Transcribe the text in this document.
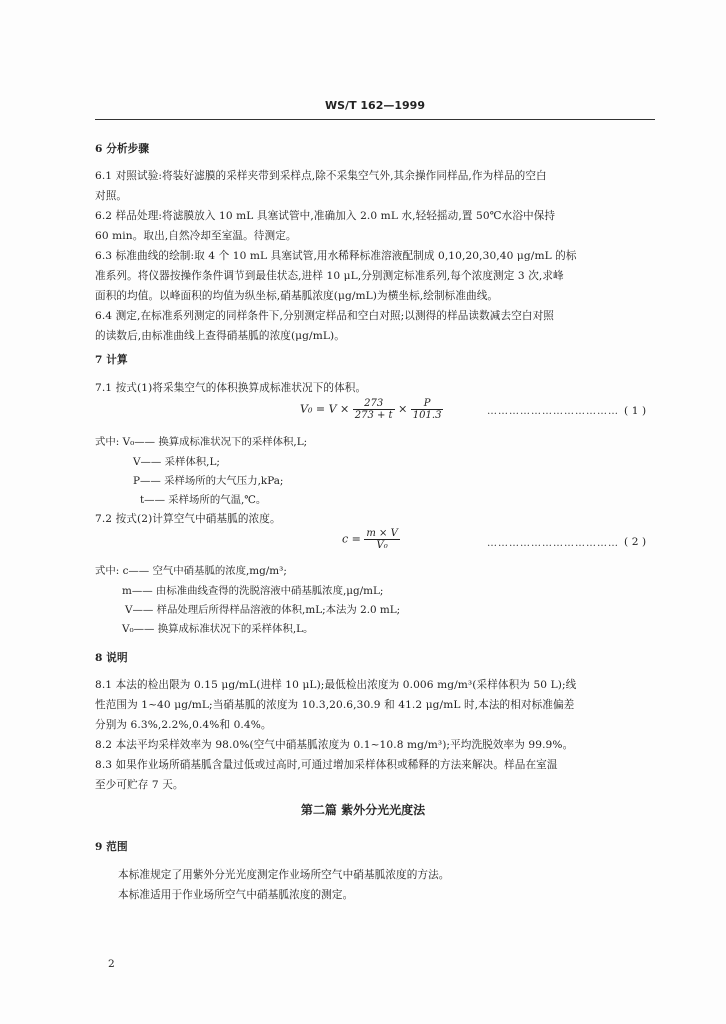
WS/T 162—1999
6 分析步骤
6.1 对照试验:将装好滤膜的采样夹带到采样点,除不采集空气外,其余操作同样品,作为样品的空白
对照。
6.2 样品处理:将滤膜放入 10 mL 具塞试管中,准确加入 2.0 mL 水,轻轻摇动,置 50℃水浴中保持
60 min。取出,自然冷却至室温。待测定。
6.3 标准曲线的绘制:取 4 个 10 mL 具塞试管,用水稀释标准溶液配制成 0,10,20,30,40 μg/mL 的标
准系列。将仪器按操作条件调节到最佳状态,进样 10 μL,分别测定标准系列,每个浓度测定 3 次,求峰
面积的均值。以峰面积的均值为纵坐标,硝基胍浓度(μg/mL)为横坐标,绘制标准曲线。
6.4 测定,在标准系列测定的同样条件下,分别测定样品和空白对照;以测得的样品读数减去空白对照
的读数后,由标准曲线上查得硝基胍的浓度(μg/mL)。
7 计算
7.1 按式(1)将采集空气的体积换算成标准状况下的体积。
$V_0 = V \times \frac{273}{273 + t} \times \frac{P}{101.3}$	……………………………… ( 1 )
式中: V₀—— 换算成标准状况下的采样体积,L;
V—— 采样体积,L;
P—— 采样场所的大气压力,kPa;
t—— 采样场所的气温,℃。
7.2 按式(2)计算空气中硝基胍的浓度。
$c = \frac{m \times V}{\text{V₀}}$	……………………………… ( 2 )
式中: c—— 空气中硝基胍的浓度,mg/m³;
m—— 由标准曲线查得的洗脱溶液中硝基胍浓度,μg/mL;
V—— 样品处理后所得样品溶液的体积,mL;本法为 2.0 mL;
V₀—— 换算成标准状况下的采样体积,L。
8 说明
8.1 本法的检出限为 0.15 μg/mL(进样 10 μL);最低检出浓度为 0.006 mg/m³(采样体积为 50 L);线
性范围为 1~40 μg/mL;当硝基胍的浓度为 10.3,20.6,30.9 和 41.2 μg/mL 时,本法的相对标准偏差
分别为 6.3%,2.2%,0.4%和 0.4%。
8.2 本法平均采样效率为 98.0%(空气中硝基胍浓度为 0.1~10.8 mg/m³);平均洗脱效率为 99.9%。
8.3 如果作业场所硝基胍含量过低或过高时,可通过增加采样体积或稀释的方法来解决。样品在室温
至少可贮存 7 天。
第二篇 紫外分光光度法
9 范围
本标准规定了用紫外分光光度测定作业场所空气中硝基胍浓度的方法。
本标准适用于作业场所空气中硝基胍浓度的测定。
2
